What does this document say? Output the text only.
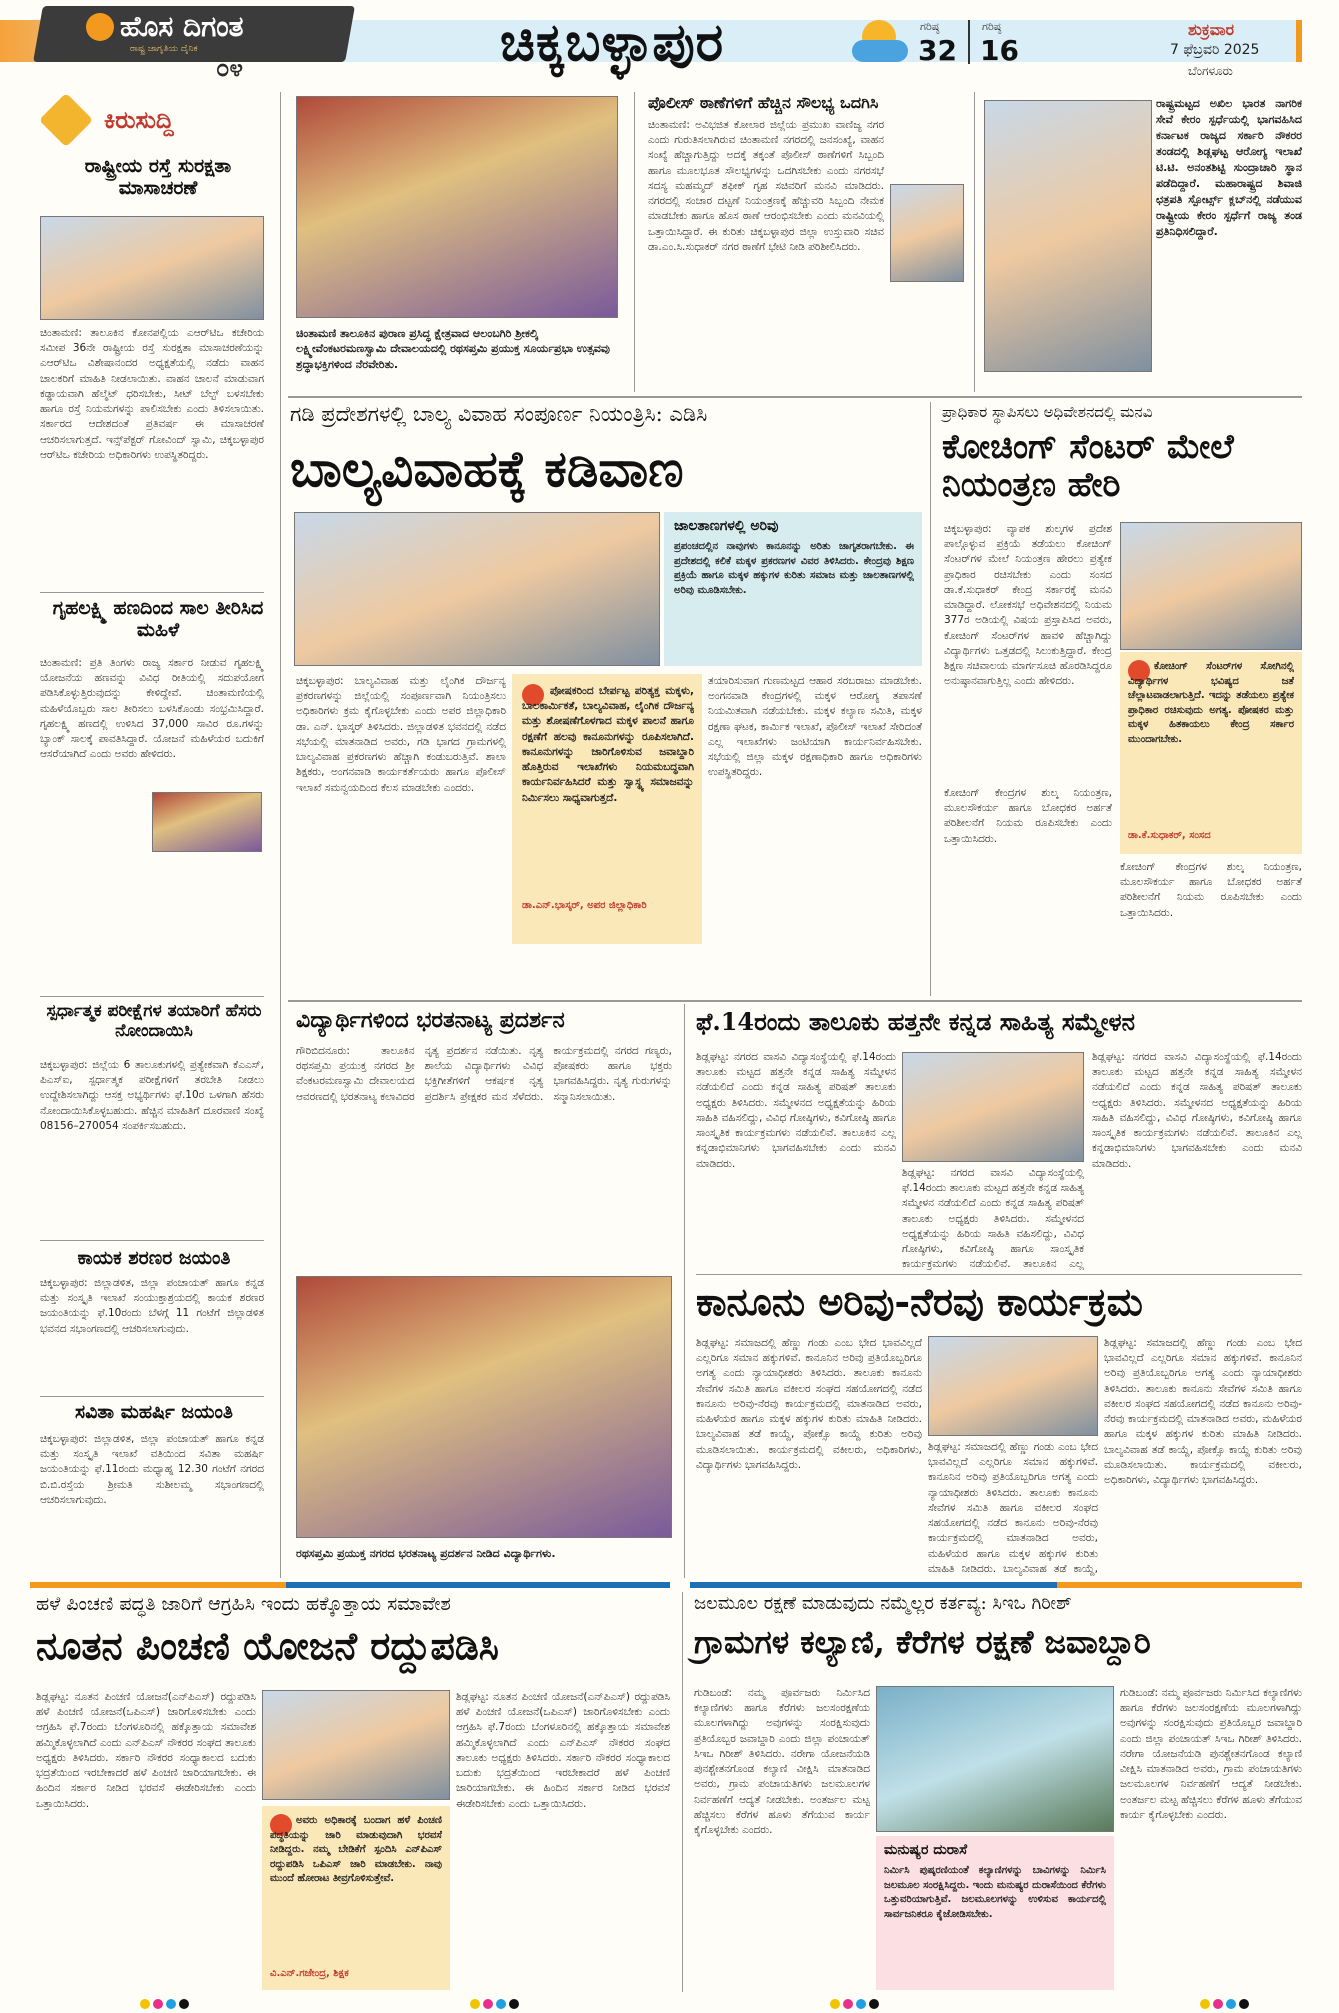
ಹೊಸ ದಿಗಂತ
ರಾಷ್ಟ್ರ ಜಾಗೃತಿಯ ದೈನಿಕ
೦೪	ಚಿಕ್ಕಬಳ್ಳಾಪುರ	ಗರಿಷ್ಠ
32
ಗರಿಷ್ಠ
16
ಶುಕ್ರವಾರ
7 ಫೆಬ್ರವರಿ 2025
ಬೆಂಗಳೂರು
ಕಿರುಸುದ್ದಿ
ರಾಷ್ಟ್ರೀಯ ರಸ್ತೆ ಸುರಕ್ಷತಾ ಮಾಸಾಚರಣೆ
ಚಿಂತಾಮಣಿ: ತಾಲೂಕಿನ ಕೋನಪಲ್ಲಿಯ ಎಆರ್‌ಟಿಒ ಕಚೇರಿಯ ಸಮೀಪ 36ನೇ ರಾಷ್ಟ್ರೀಯ ರಸ್ತೆ ಸುರಕ್ಷತಾ ಮಾಸಾಚರಣೆಯನ್ನು ಎಆರ್‌ಟಿಒ ವಿಶೇಷಾನಂದರ ಅಧ್ಯಕ್ಷತೆಯಲ್ಲಿ ನಡೆದು ವಾಹನ ಚಾಲಕರಿಗೆ ಮಾಹಿತಿ ನೀಡಲಾಯಿತು. ವಾಹನ ಚಾಲನೆ ಮಾಡುವಾಗ ಕಡ್ಡಾಯವಾಗಿ ಹೆಲ್ಮೆಟ್ ಧರಿಸಬೇಕು, ಸೀಟ್ ಬೆಲ್ಟ್ ಬಳಸಬೇಕು ಹಾಗೂ ರಸ್ತೆ ನಿಯಮಗಳನ್ನು ಪಾಲಿಸಬೇಕು ಎಂದು ತಿಳಿಸಲಾಯಿತು. ಸರ್ಕಾರದ ಆದೇಶದಂತೆ ಪ್ರತಿವರ್ಷ ಈ ಮಾಸಾಚರಣೆ ಆಚರಿಸಲಾಗುತ್ತದೆ. ಇನ್ಸ್‌ಪೆಕ್ಟರ್ ಗೋವಿಂದ್ ಸ್ವಾಮಿ, ಚಿಕ್ಕಬಳ್ಳಾಪುರ ಆರ್‌ಟಿಒ ಕಚೇರಿಯ ಅಧಿಕಾರಿಗಳು ಉಪಸ್ಥಿತರಿದ್ದರು.
ಗೃಹಲಕ್ಷ್ಮಿ ಹಣದಿಂದ ಸಾಲ ತೀರಿಸಿದ ಮಹಿಳೆ
ಚಿಂತಾಮಣಿ: ಪ್ರತಿ ತಿಂಗಳು ರಾಜ್ಯ ಸರ್ಕಾರ ನೀಡುವ ಗೃಹಲಕ್ಷ್ಮಿ ಯೋಜನೆಯ ಹಣವನ್ನು ವಿವಿಧ ರೀತಿಯಲ್ಲಿ ಸದುಪಯೋಗ ಪಡಿಸಿಕೊಳ್ಳುತ್ತಿರುವುದನ್ನು ಕೇಳಿದ್ದೇವೆ. ಚಿಂತಾಮಣಿಯಲ್ಲಿ ಮಹಿಳೆಯೊಬ್ಬರು ಸಾಲ ತೀರಿಸಲು ಬಳಸಿಕೊಂಡು ಸಂಭ್ರಮಿಸಿದ್ದಾರೆ. ಗೃಹಲಕ್ಷ್ಮಿ ಹಣದಲ್ಲಿ ಉಳಿಸಿದ 37,000 ಸಾವಿರ ರೂ.ಗಳನ್ನು ಬ್ಯಾಂಕ್ ಸಾಲಕ್ಕೆ ಪಾವತಿಸಿದ್ದಾರೆ. ಯೋಜನೆ ಮಹಿಳೆಯರ ಬದುಕಿಗೆ ಆಸರೆಯಾಗಿದೆ ಎಂದು ಅವರು ಹೇಳಿದರು.
ಸ್ಪರ್ಧಾತ್ಮಕ ಪರೀಕ್ಷೆಗಳ ತಯಾರಿಗೆ ಹೆಸರು ನೋಂದಾಯಿಸಿ
ಚಿಕ್ಕಬಳ್ಳಾಪುರ: ಜಿಲ್ಲೆಯ 6 ತಾಲೂಕುಗಳಲ್ಲಿ ಪ್ರತ್ಯೇಕವಾಗಿ ಕೆಎಎಸ್, ಪಿಎಸ್ಐ, ಸ್ಪರ್ಧಾತ್ಮಕ ಪರೀಕ್ಷೆಗಳಿಗೆ ತರಬೇತಿ ನೀಡಲು ಉದ್ದೇಶಿಸಲಾಗಿದ್ದು ಆಸಕ್ತ ಅಭ್ಯರ್ಥಿಗಳು ಫೆ.10ರ ಒಳಗಾಗಿ ಹೆಸರು ನೋಂದಾಯಿಸಿಕೊಳ್ಳಬಹುದು. ಹೆಚ್ಚಿನ ಮಾಹಿತಿಗೆ ದೂರವಾಣಿ ಸಂಖ್ಯೆ 08156–270054 ಸಂಪರ್ಕಿಸಬಹುದು.
ಕಾಯಕ ಶರಣರ ಜಯಂತಿ
ಚಿಕ್ಕಬಳ್ಳಾಪುರ: ಜಿಲ್ಲಾಡಳಿತ, ಜಿಲ್ಲಾ ಪಂಚಾಯತ್ ಹಾಗೂ ಕನ್ನಡ ಮತ್ತು ಸಂಸ್ಕೃತಿ ಇಲಾಖೆ ಸಂಯುಕ್ತಾಶ್ರಯದಲ್ಲಿ ಕಾಯಕ ಶರಣರ ಜಯಂತಿಯನ್ನು ಫೆ.10ರಂದು ಬೆಳಗ್ಗೆ 11 ಗಂಟೆಗೆ ಜಿಲ್ಲಾಡಳಿತ ಭವನದ ಸಭಾಂಗಣದಲ್ಲಿ ಆಚರಿಸಲಾಗುವುದು.
ಸವಿತಾ ಮಹರ್ಷಿ ಜಯಂತಿ
ಚಿಕ್ಕಬಳ್ಳಾಪುರ: ಜಿಲ್ಲಾಡಳಿತ, ಜಿಲ್ಲಾ ಪಂಚಾಯತ್ ಹಾಗೂ ಕನ್ನಡ ಮತ್ತು ಸಂಸ್ಕೃತಿ ಇಲಾಖೆ ವತಿಯಿಂದ ಸವಿತಾ ಮಹರ್ಷಿ ಜಯಂತಿಯನ್ನು ಫೆ.11ರಂದು ಮಧ್ಯಾಹ್ನ 12.30 ಗಂಟೆಗೆ ನಗರದ ಬಿ.ಬಿ.ರಸ್ತೆಯ ಶ್ರೀಮತಿ ಸುಶೀಲಮ್ಮ ಸಭಾಂಗಣದಲ್ಲಿ ಆಚರಿಸಲಾಗುವುದು.
ಚಿಂತಾಮಣಿ ತಾಲೂಕಿನ ಪುರಾಣ ಪ್ರಸಿದ್ಧ ಕ್ಷೇತ್ರವಾದ ಆಲಂಬಗಿರಿ ಶ್ರೀಕಲ್ಕಿ ಲಕ್ಷ್ಮೀವೆಂಕಟರಮಣಸ್ವಾಮಿ ದೇವಾಲಯದಲ್ಲಿ ರಥಸಪ್ತಮಿ ಪ್ರಯುಕ್ತ ಸೂರ್ಯಪ್ರಭಾ ಉತ್ಸವವು ಶ್ರದ್ಧಾಭಕ್ತಿಗಳಿಂದ ನೆರವೇರಿತು.
ಪೊಲೀಸ್ ಠಾಣೆಗಳಿಗೆ ಹೆಚ್ಚಿನ ಸೌಲಭ್ಯ ಒದಗಿಸಿ
ಚಿಂತಾಮಣಿ: ಅವಿಭಜಿತ ಕೋಲಾರ ಜಿಲ್ಲೆಯ ಪ್ರಮುಖ ವಾಣಿಜ್ಯ ನಗರ ಎಂದು ಗುರುತಿಸಲಾಗಿರುವ ಚಿಂತಾಮಣಿ ನಗರದಲ್ಲಿ ಜನಸಂಖ್ಯೆ, ವಾಹನ ಸಂಖ್ಯೆ ಹೆಚ್ಚಾಗುತ್ತಿದ್ದು ಅದಕ್ಕೆ ತಕ್ಕಂತೆ ಪೊಲೀಸ್ ಠಾಣೆಗಳಿಗೆ ಸಿಬ್ಬಂದಿ ಹಾಗೂ ಮೂಲಭೂತ ಸೌಲಭ್ಯಗಳನ್ನು ಒದಗಿಸಬೇಕು ಎಂದು ನಗರಸಭೆ ಸದಸ್ಯ ಮಹಮ್ಮದ್ ಶಫೀಕ್ ಗೃಹ ಸಚಿವರಿಗೆ ಮನವಿ ಮಾಡಿದರು. ನಗರದಲ್ಲಿ ಸಂಚಾರ ದಟ್ಟಣೆ ನಿಯಂತ್ರಣಕ್ಕೆ ಹೆಚ್ಚುವರಿ ಸಿಬ್ಬಂದಿ ನೇಮಕ ಮಾಡಬೇಕು ಹಾಗೂ ಹೊಸ ಠಾಣೆ ಆರಂಭಿಸಬೇಕು ಎಂದು ಮನವಿಯಲ್ಲಿ ಒತ್ತಾಯಿಸಿದ್ದಾರೆ. ಈ ಕುರಿತು ಚಿಕ್ಕಬಳ್ಳಾಪುರ ಜಿಲ್ಲಾ ಉಸ್ತುವಾರಿ ಸಚಿವ ಡಾ.ಎಂ.ಸಿ.ಸುಧಾಕರ್ ನಗರ ಠಾಣೆಗೆ ಭೇಟಿ ನೀಡಿ ಪರಿಶೀಲಿಸಿದರು.
ರಾಷ್ಟ್ರಮಟ್ಟದ ಅಖಿಲ ಭಾರತ ನಾಗರಿಕ ಸೇವೆ ಕೇರಂ ಸ್ಪರ್ಧೆಯಲ್ಲಿ ಭಾಗವಹಿಸಿದ ಕರ್ನಾಟಕ ರಾಜ್ಯದ ಸರ್ಕಾರಿ ನೌಕರರ ತಂಡದಲ್ಲಿ ಶಿಡ್ಲಘಟ್ಟ ಆರೋಗ್ಯ ಇಲಾಖೆ ಟಿ.ಟಿ. ಅನಂತಶಿಟ್ಟಿ ಸುಂದ್ರಾಚಾರಿ ಸ್ಥಾನ ಪಡೆದಿದ್ದಾರೆ. ಮಹಾರಾಷ್ಟ್ರದ ಶಿವಾಜಿ ಛತ್ರಪತಿ ಸ್ಪೋರ್ಟ್ಸ್ ಕ್ಲಬ್‌ನಲ್ಲಿ ನಡೆಯುವ ರಾಷ್ಟ್ರೀಯ ಕೇರಂ ಸ್ಪರ್ಧೆಗೆ ರಾಜ್ಯ ತಂಡ ಪ್ರತಿನಿಧಿಸಲಿದ್ದಾರೆ.
ಗಡಿ ಪ್ರದೇಶಗಳಲ್ಲಿ ಬಾಲ್ಯ ವಿವಾಹ ಸಂಪೂರ್ಣ ನಿಯಂತ್ರಿಸಿ: ಎಡಿಸಿ
ಬಾಲ್ಯವಿವಾಹಕ್ಕೆ ಕಡಿವಾಣ
ಜಾಲತಾಣಗಳಲ್ಲಿ ಅರಿವು
ಪ್ರಪಂಚದಲ್ಲಿನ ನಾವುಗಳು ಕಾನೂನನ್ನು ಅರಿತು ಜಾಗೃತರಾಗಬೇಕು. ಈ ಪ್ರದೇಶದಲ್ಲಿ ಕಲಿಕೆ ಮಕ್ಕಳ ಪ್ರಕರಣಗಳ ವಿವರ ತಿಳಿಸಿದರು. ಕೇಂದ್ರವು ಶಿಕ್ಷಣ ಪ್ರಕ್ರಿಯೆ ಹಾಗೂ ಮಕ್ಕಳ ಹಕ್ಕುಗಳ ಕುರಿತು ಸಮಾಜ ಮತ್ತು ಜಾಲತಾಣಗಳಲ್ಲಿ ಅರಿವು ಮೂಡಿಸಬೇಕು.
ಚಿಕ್ಕಬಳ್ಳಾಪುರ: ಬಾಲ್ಯವಿವಾಹ ಮತ್ತು ಲೈಂಗಿಕ ದೌರ್ಜನ್ಯ ಪ್ರಕರಣಗಳನ್ನು ಜಿಲ್ಲೆಯಲ್ಲಿ ಸಂಪೂರ್ಣವಾಗಿ ನಿಯಂತ್ರಿಸಲು ಅಧಿಕಾರಿಗಳು ಕ್ರಮ ಕೈಗೊಳ್ಳಬೇಕು ಎಂದು ಅಪರ ಜಿಲ್ಲಾಧಿಕಾರಿ ಡಾ. ಎನ್. ಭಾಸ್ಕರ್ ತಿಳಿಸಿದರು. ಜಿಲ್ಲಾಡಳಿತ ಭವನದಲ್ಲಿ ನಡೆದ ಸಭೆಯಲ್ಲಿ ಮಾತನಾಡಿದ ಅವರು, ಗಡಿ ಭಾಗದ ಗ್ರಾಮಗಳಲ್ಲಿ ಬಾಲ್ಯವಿವಾಹ ಪ್ರಕರಣಗಳು ಹೆಚ್ಚಾಗಿ ಕಂಡುಬರುತ್ತಿವೆ. ಶಾಲಾ ಶಿಕ್ಷಕರು, ಅಂಗನವಾಡಿ ಕಾರ್ಯಕರ್ತೆಯರು ಹಾಗೂ ಪೊಲೀಸ್ ಇಲಾಖೆ ಸಮನ್ವಯದಿಂದ ಕೆಲಸ ಮಾಡಬೇಕು ಎಂದರು.
ಪೋಷಕರಿಂದ ಬೇರ್ಪಟ್ಟ ಪರಿತ್ಯಕ್ತ ಮಕ್ಕಳು, ಬಾಲಕಾರ್ಮಿಕತೆ, ಬಾಲ್ಯವಿವಾಹ, ಲೈಂಗಿಕ ದೌರ್ಜನ್ಯ ಮತ್ತು ಶೋಷಣೆಗೊಳಗಾದ ಮಕ್ಕಳ ಪಾಲನೆ ಹಾಗೂ ರಕ್ಷಣೆಗೆ ಹಲವು ಕಾನೂನುಗಳನ್ನು ರೂಪಿಸಲಾಗಿದೆ. ಕಾನೂನುಗಳನ್ನು ಜಾರಿಗೊಳಿಸುವ ಜವಾಬ್ದಾರಿ ಹೊತ್ತಿರುವ ಇಲಾಖೆಗಳು ನಿಯಮಬದ್ಧವಾಗಿ ಕಾರ್ಯನಿರ್ವಹಿಸಿದರೆ ಮತ್ತು ಸ್ವಾಸ್ಥ್ಯ ಸಮಾಜವನ್ನು ನಿರ್ಮಿಸಲು ಸಾಧ್ಯವಾಗುತ್ತದೆ.
ಡಾ.ಎನ್.ಭಾಸ್ಕರ್, ಅಪರ ಜಿಲ್ಲಾಧಿಕಾರಿ
ತಯಾರಿಸುವಾಗ ಗುಣಮಟ್ಟದ ಆಹಾರ ಸರಬರಾಜು ಮಾಡಬೇಕು. ಅಂಗನವಾಡಿ ಕೇಂದ್ರಗಳಲ್ಲಿ ಮಕ್ಕಳ ಆರೋಗ್ಯ ತಪಾಸಣೆ ನಿಯಮಿತವಾಗಿ ನಡೆಯಬೇಕು. ಮಕ್ಕಳ ಕಲ್ಯಾಣ ಸಮಿತಿ, ಮಕ್ಕಳ ರಕ್ಷಣಾ ಘಟಕ, ಕಾರ್ಮಿಕ ಇಲಾಖೆ, ಪೊಲೀಸ್ ಇಲಾಖೆ ಸೇರಿದಂತೆ ಎಲ್ಲ ಇಲಾಖೆಗಳು ಜಂಟಿಯಾಗಿ ಕಾರ್ಯನಿರ್ವಹಿಸಬೇಕು. ಸಭೆಯಲ್ಲಿ ಜಿಲ್ಲಾ ಮಕ್ಕಳ ರಕ್ಷಣಾಧಿಕಾರಿ ಹಾಗೂ ಅಧಿಕಾರಿಗಳು ಉಪಸ್ಥಿತರಿದ್ದರು.
ಪ್ರಾಧಿಕಾರ ಸ್ಥಾಪಿಸಲು ಅಧಿವೇಶನದಲ್ಲಿ ಮನವಿ
ಕೋಚಿಂಗ್ ಸೆಂಟರ್ ಮೇಲೆ ನಿಯಂತ್ರಣ ಹೇರಿ
ಚಿಕ್ಕಬಳ್ಳಾಪುರ: ವ್ಯಾಪಕ ಶುಲ್ಕಗಳ ಪ್ರದೇಶ ಪಾಲ್ಗೊಳ್ಳುವ ಪ್ರಕ್ರಿಯೆ ತಡೆಯಲು ಕೋಚಿಂಗ್ ಸೆಂಟರ್‌ಗಳ ಮೇಲೆ ನಿಯಂತ್ರಣ ಹೇರಲು ಪ್ರತ್ಯೇಕ ಪ್ರಾಧಿಕಾರ ರಚಿಸಬೇಕು ಎಂದು ಸಂಸದ ಡಾ.ಕೆ.ಸುಧಾಕರ್ ಕೇಂದ್ರ ಸರ್ಕಾರಕ್ಕೆ ಮನವಿ ಮಾಡಿದ್ದಾರೆ. ಲೋಕಸಭೆ ಅಧಿವೇಶನದಲ್ಲಿ ನಿಯಮ 377ರ ಅಡಿಯಲ್ಲಿ ವಿಷಯ ಪ್ರಸ್ತಾಪಿಸಿದ ಅವರು, ಕೋಚಿಂಗ್ ಸೆಂಟರ್‌ಗಳ ಹಾವಳಿ ಹೆಚ್ಚಾಗಿದ್ದು ವಿದ್ಯಾರ್ಥಿಗಳು ಒತ್ತಡದಲ್ಲಿ ಸಿಲುಕುತ್ತಿದ್ದಾರೆ. ಕೇಂದ್ರ ಶಿಕ್ಷಣ ಸಚಿವಾಲಯ ಮಾರ್ಗಸೂಚಿ ಹೊರಡಿಸಿದ್ದರೂ ಅನುಷ್ಠಾನವಾಗುತ್ತಿಲ್ಲ ಎಂದು ಹೇಳಿದರು.
ಕೋಚಿಂಗ್ ಸೆಂಟರ್‌ಗಳ ಸೋಗಿನಲ್ಲಿ ವಿದ್ಯಾರ್ಥಿಗಳ ಭವಿಷ್ಯದ ಜತೆ ಚೆಲ್ಲಾಟವಾಡಲಾಗುತ್ತಿದೆ. ಇದನ್ನು ತಡೆಯಲು ಪ್ರತ್ಯೇಕ ಪ್ರಾಧಿಕಾರ ರಚಿಸುವುದು ಅಗತ್ಯ. ಪೋಷಕರ ಮತ್ತು ಮಕ್ಕಳ ಹಿತಕಾಯಲು ಕೇಂದ್ರ ಸರ್ಕಾರ ಮುಂದಾಗಬೇಕು.
ಡಾ.ಕೆ.ಸುಧಾಕರ್, ಸಂಸದ
ಕೋಚಿಂಗ್ ಕೇಂದ್ರಗಳ ಶುಲ್ಕ ನಿಯಂತ್ರಣ, ಮೂಲಸೌಕರ್ಯ ಹಾಗೂ ಬೋಧಕರ ಅರ್ಹತೆ ಪರಿಶೀಲನೆಗೆ ನಿಯಮ ರೂಪಿಸಬೇಕು ಎಂದು ಒತ್ತಾಯಿಸಿದರು.
ಕೋಚಿಂಗ್ ಕೇಂದ್ರಗಳ ಶುಲ್ಕ ನಿಯಂತ್ರಣ, ಮೂಲಸೌಕರ್ಯ ಹಾಗೂ ಬೋಧಕರ ಅರ್ಹತೆ ಪರಿಶೀಲನೆಗೆ ನಿಯಮ ರೂಪಿಸಬೇಕು ಎಂದು ಒತ್ತಾಯಿಸಿದರು.
ವಿದ್ಯಾರ್ಥಿಗಳಿಂದ ಭರತನಾಟ್ಯ ಪ್ರದರ್ಶನ
ಗೌರಿಬಿದನೂರು: ತಾಲೂಕಿನ ರಥಸಪ್ತಮಿ ಪ್ರಯುಕ್ತ ನಗರದ ಶ್ರೀ ವೆಂಕಟರಮಣಸ್ವಾಮಿ ದೇವಾಲಯದ ಆವರಣದಲ್ಲಿ ಭರತನಾಟ್ಯ ಕಲಾವಿದರ ನೃತ್ಯ ಪ್ರದರ್ಶನ ನಡೆಯಿತು. ನೃತ್ಯ ಶಾಲೆಯ ವಿದ್ಯಾರ್ಥಿಗಳು ವಿವಿಧ ಭಕ್ತಿಗೀತೆಗಳಿಗೆ ಆಕರ್ಷಕ ನೃತ್ಯ ಪ್ರದರ್ಶಿಸಿ ಪ್ರೇಕ್ಷಕರ ಮನ ಸೆಳೆದರು. ಕಾರ್ಯಕ್ರಮದಲ್ಲಿ ನಗರದ ಗಣ್ಯರು, ಪೋಷಕರು ಹಾಗೂ ಭಕ್ತರು ಭಾಗವಹಿಸಿದ್ದರು. ನೃತ್ಯ ಗುರುಗಳನ್ನು ಸನ್ಮಾನಿಸಲಾಯಿತು.
ರಥಸಪ್ತಮಿ ಪ್ರಯುಕ್ತ ನಗರದ ಭರತನಾಟ್ಯ ಪ್ರದರ್ಶನ ನೀಡಿದ ವಿದ್ಯಾರ್ಥಿಗಳು.
ಫೆ.14ರಂದು ತಾಲೂಕು ಹತ್ತನೇ ಕನ್ನಡ ಸಾಹಿತ್ಯ ಸಮ್ಮೇಳನ
ಶಿಡ್ಲಘಟ್ಟ: ನಗರದ ವಾಸವಿ ವಿದ್ಯಾಸಂಸ್ಥೆಯಲ್ಲಿ ಫೆ.14ರಂದು ತಾಲೂಕು ಮಟ್ಟದ ಹತ್ತನೇ ಕನ್ನಡ ಸಾಹಿತ್ಯ ಸಮ್ಮೇಳನ ನಡೆಯಲಿದೆ ಎಂದು ಕನ್ನಡ ಸಾಹಿತ್ಯ ಪರಿಷತ್ ತಾಲೂಕು ಅಧ್ಯಕ್ಷರು ತಿಳಿಸಿದರು. ಸಮ್ಮೇಳನದ ಅಧ್ಯಕ್ಷತೆಯನ್ನು ಹಿರಿಯ ಸಾಹಿತಿ ವಹಿಸಲಿದ್ದು, ವಿವಿಧ ಗೋಷ್ಠಿಗಳು, ಕವಿಗೋಷ್ಠಿ ಹಾಗೂ ಸಾಂಸ್ಕೃತಿಕ ಕಾರ್ಯಕ್ರಮಗಳು ನಡೆಯಲಿವೆ. ತಾಲೂಕಿನ ಎಲ್ಲ ಕನ್ನಡಾಭಿಮಾನಿಗಳು ಭಾಗವಹಿಸಬೇಕು ಎಂದು ಮನವಿ ಮಾಡಿದರು.
ಶಿಡ್ಲಘಟ್ಟ: ನಗರದ ವಾಸವಿ ವಿದ್ಯಾಸಂಸ್ಥೆಯಲ್ಲಿ ಫೆ.14ರಂದು ತಾಲೂಕು ಮಟ್ಟದ ಹತ್ತನೇ ಕನ್ನಡ ಸಾಹಿತ್ಯ ಸಮ್ಮೇಳನ ನಡೆಯಲಿದೆ ಎಂದು ಕನ್ನಡ ಸಾಹಿತ್ಯ ಪರಿಷತ್ ತಾಲೂಕು ಅಧ್ಯಕ್ಷರು ತಿಳಿಸಿದರು. ಸಮ್ಮೇಳನದ ಅಧ್ಯಕ್ಷತೆಯನ್ನು ಹಿರಿಯ ಸಾಹಿತಿ ವಹಿಸಲಿದ್ದು, ವಿವಿಧ ಗೋಷ್ಠಿಗಳು, ಕವಿಗೋಷ್ಠಿ ಹಾಗೂ ಸಾಂಸ್ಕೃತಿಕ ಕಾರ್ಯಕ್ರಮಗಳು ನಡೆಯಲಿವೆ. ತಾಲೂಕಿನ ಎಲ್ಲ
ಶಿಡ್ಲಘಟ್ಟ: ನಗರದ ವಾಸವಿ ವಿದ್ಯಾಸಂಸ್ಥೆಯಲ್ಲಿ ಫೆ.14ರಂದು ತಾಲೂಕು ಮಟ್ಟದ ಹತ್ತನೇ ಕನ್ನಡ ಸಾಹಿತ್ಯ ಸಮ್ಮೇಳನ ನಡೆಯಲಿದೆ ಎಂದು ಕನ್ನಡ ಸಾಹಿತ್ಯ ಪರಿಷತ್ ತಾಲೂಕು ಅಧ್ಯಕ್ಷರು ತಿಳಿಸಿದರು. ಸಮ್ಮೇಳನದ ಅಧ್ಯಕ್ಷತೆಯನ್ನು ಹಿರಿಯ ಸಾಹಿತಿ ವಹಿಸಲಿದ್ದು, ವಿವಿಧ ಗೋಷ್ಠಿಗಳು, ಕವಿಗೋಷ್ಠಿ ಹಾಗೂ ಸಾಂಸ್ಕೃತಿಕ ಕಾರ್ಯಕ್ರಮಗಳು ನಡೆಯಲಿವೆ. ತಾಲೂಕಿನ ಎಲ್ಲ ಕನ್ನಡಾಭಿಮಾನಿಗಳು ಭಾಗವಹಿಸಬೇಕು ಎಂದು ಮನವಿ ಮಾಡಿದರು.
ಕಾನೂನು ಅರಿವು-ನೆರವು ಕಾರ್ಯಕ್ರಮ
ಶಿಡ್ಲಘಟ್ಟ: ಸಮಾಜದಲ್ಲಿ ಹೆಣ್ಣು ಗಂಡು ಎಂಬ ಭೇದ ಭಾವವಿಲ್ಲದೆ ಎಲ್ಲರಿಗೂ ಸಮಾನ ಹಕ್ಕುಗಳಿವೆ. ಕಾನೂನಿನ ಅರಿವು ಪ್ರತಿಯೊಬ್ಬರಿಗೂ ಅಗತ್ಯ ಎಂದು ನ್ಯಾಯಾಧೀಶರು ತಿಳಿಸಿದರು. ತಾಲೂಕು ಕಾನೂನು ಸೇವೆಗಳ ಸಮಿತಿ ಹಾಗೂ ವಕೀಲರ ಸಂಘದ ಸಹಯೋಗದಲ್ಲಿ ನಡೆದ ಕಾನೂನು ಅರಿವು-ನೆರವು ಕಾರ್ಯಕ್ರಮದಲ್ಲಿ ಮಾತನಾಡಿದ ಅವರು, ಮಹಿಳೆಯರ ಹಾಗೂ ಮಕ್ಕಳ ಹಕ್ಕುಗಳ ಕುರಿತು ಮಾಹಿತಿ ನೀಡಿದರು. ಬಾಲ್ಯವಿವಾಹ ತಡೆ ಕಾಯ್ದೆ, ಪೋಕ್ಸೊ ಕಾಯ್ದೆ ಕುರಿತು ಅರಿವು ಮೂಡಿಸಲಾಯಿತು. ಕಾರ್ಯಕ್ರಮದಲ್ಲಿ ವಕೀಲರು, ಅಧಿಕಾರಿಗಳು, ವಿದ್ಯಾರ್ಥಿಗಳು ಭಾಗವಹಿಸಿದ್ದರು.
ಶಿಡ್ಲಘಟ್ಟ: ಸಮಾಜದಲ್ಲಿ ಹೆಣ್ಣು ಗಂಡು ಎಂಬ ಭೇದ ಭಾವವಿಲ್ಲದೆ ಎಲ್ಲರಿಗೂ ಸಮಾನ ಹಕ್ಕುಗಳಿವೆ. ಕಾನೂನಿನ ಅರಿವು ಪ್ರತಿಯೊಬ್ಬರಿಗೂ ಅಗತ್ಯ ಎಂದು ನ್ಯಾಯಾಧೀಶರು ತಿಳಿಸಿದರು. ತಾಲೂಕು ಕಾನೂನು ಸೇವೆಗಳ ಸಮಿತಿ ಹಾಗೂ ವಕೀಲರ ಸಂಘದ ಸಹಯೋಗದಲ್ಲಿ ನಡೆದ ಕಾನೂನು ಅರಿವು-ನೆರವು ಕಾರ್ಯಕ್ರಮದಲ್ಲಿ ಮಾತನಾಡಿದ ಅವರು, ಮಹಿಳೆಯರ ಹಾಗೂ ಮಕ್ಕಳ ಹಕ್ಕುಗಳ ಕುರಿತು ಮಾಹಿತಿ ನೀಡಿದರು. ಬಾಲ್ಯವಿವಾಹ ತಡೆ ಕಾಯ್ದೆ,
ಶಿಡ್ಲಘಟ್ಟ: ಸಮಾಜದಲ್ಲಿ ಹೆಣ್ಣು ಗಂಡು ಎಂಬ ಭೇದ ಭಾವವಿಲ್ಲದೆ ಎಲ್ಲರಿಗೂ ಸಮಾನ ಹಕ್ಕುಗಳಿವೆ. ಕಾನೂನಿನ ಅರಿವು ಪ್ರತಿಯೊಬ್ಬರಿಗೂ ಅಗತ್ಯ ಎಂದು ನ್ಯಾಯಾಧೀಶರು ತಿಳಿಸಿದರು. ತಾಲೂಕು ಕಾನೂನು ಸೇವೆಗಳ ಸಮಿತಿ ಹಾಗೂ ವಕೀಲರ ಸಂಘದ ಸಹಯೋಗದಲ್ಲಿ ನಡೆದ ಕಾನೂನು ಅರಿವು-ನೆರವು ಕಾರ್ಯಕ್ರಮದಲ್ಲಿ ಮಾತನಾಡಿದ ಅವರು, ಮಹಿಳೆಯರ ಹಾಗೂ ಮಕ್ಕಳ ಹಕ್ಕುಗಳ ಕುರಿತು ಮಾಹಿತಿ ನೀಡಿದರು. ಬಾಲ್ಯವಿವಾಹ ತಡೆ ಕಾಯ್ದೆ, ಪೋಕ್ಸೊ ಕಾಯ್ದೆ ಕುರಿತು ಅರಿವು ಮೂಡಿಸಲಾಯಿತು. ಕಾರ್ಯಕ್ರಮದಲ್ಲಿ ವಕೀಲರು, ಅಧಿಕಾರಿಗಳು, ವಿದ್ಯಾರ್ಥಿಗಳು ಭಾಗವಹಿಸಿದ್ದರು.
ಹಳೆ ಪಿಂಚಣಿ ಪದ್ಧತಿ ಜಾರಿಗೆ ಆಗ್ರಹಿಸಿ ಇಂದು ಹಕ್ಕೊತ್ತಾಯ ಸಮಾವೇಶ
ನೂತನ ಪಿಂಚಣಿ ಯೋಜನೆ ರದ್ದುಪಡಿಸಿ
ಶಿಡ್ಲಘಟ್ಟ: ನೂತನ ಪಿಂಚಣಿ ಯೋಜನೆ(ಎನ್‌ಪಿಎಸ್) ರದ್ದುಪಡಿಸಿ ಹಳೆ ಪಿಂಚಣಿ ಯೋಜನೆ(ಒಪಿಎಸ್) ಜಾರಿಗೊಳಿಸಬೇಕು ಎಂದು ಆಗ್ರಹಿಸಿ ಫೆ.7ರಂದು ಬೆಂಗಳೂರಿನಲ್ಲಿ ಹಕ್ಕೊತ್ತಾಯ ಸಮಾವೇಶ ಹಮ್ಮಿಕೊಳ್ಳಲಾಗಿದೆ ಎಂದು ಎನ್‌ಪಿಎಸ್ ನೌಕರರ ಸಂಘದ ತಾಲೂಕು ಅಧ್ಯಕ್ಷರು ತಿಳಿಸಿದರು. ಸರ್ಕಾರಿ ನೌಕರರ ಸಂಧ್ಯಾಕಾಲದ ಬದುಕು ಭದ್ರತೆಯಿಂದ ಇರಬೇಕಾದರೆ ಹಳೆ ಪಿಂಚಣಿ ಜಾರಿಯಾಗಬೇಕು. ಈ ಹಿಂದಿನ ಸರ್ಕಾರ ನೀಡಿದ ಭರವಸೆ ಈಡೇರಿಸಬೇಕು ಎಂದು ಒತ್ತಾಯಿಸಿದರು.
ಅವರು ಅಧಿಕಾರಕ್ಕೆ ಬಂದಾಗ ಹಳೆ ಪಿಂಚಣಿ ಪದ್ಧತಿಯನ್ನು ಜಾರಿ ಮಾಡುವುದಾಗಿ ಭರವಸೆ ನೀಡಿದ್ದರು. ನಮ್ಮ ಬೇಡಿಕೆಗೆ ಸ್ಪಂದಿಸಿ ಎನ್‌ಪಿಎಸ್ ರದ್ದುಪಡಿಸಿ ಒಪಿಎಸ್ ಜಾರಿ ಮಾಡಬೇಕು. ನಾವು ಮುಂದೆ ಹೋರಾಟ ತೀವ್ರಗೊಳಿಸುತ್ತೇವೆ.
ವಿ.ಎನ್.ಗಜೇಂದ್ರ, ಶಿಕ್ಷಕ
ಶಿಡ್ಲಘಟ್ಟ: ನೂತನ ಪಿಂಚಣಿ ಯೋಜನೆ(ಎನ್‌ಪಿಎಸ್) ರದ್ದುಪಡಿಸಿ ಹಳೆ ಪಿಂಚಣಿ ಯೋಜನೆ(ಒಪಿಎಸ್) ಜಾರಿಗೊಳಿಸಬೇಕು ಎಂದು ಆಗ್ರಹಿಸಿ ಫೆ.7ರಂದು ಬೆಂಗಳೂರಿನಲ್ಲಿ ಹಕ್ಕೊತ್ತಾಯ ಸಮಾವೇಶ ಹಮ್ಮಿಕೊಳ್ಳಲಾಗಿದೆ ಎಂದು ಎನ್‌ಪಿಎಸ್ ನೌಕರರ ಸಂಘದ ತಾಲೂಕು ಅಧ್ಯಕ್ಷರು ತಿಳಿಸಿದರು. ಸರ್ಕಾರಿ ನೌಕರರ ಸಂಧ್ಯಾಕಾಲದ ಬದುಕು ಭದ್ರತೆಯಿಂದ ಇರಬೇಕಾದರೆ ಹಳೆ ಪಿಂಚಣಿ ಜಾರಿಯಾಗಬೇಕು. ಈ ಹಿಂದಿನ ಸರ್ಕಾರ ನೀಡಿದ ಭರವಸೆ ಈಡೇರಿಸಬೇಕು ಎಂದು ಒತ್ತಾಯಿಸಿದರು.
ಜಲಮೂಲ ರಕ್ಷಣೆ ಮಾಡುವುದು ನಮ್ಮೆಲ್ಲರ ಕರ್ತವ್ಯ: ಸಿಇಒ ಗಿರೀಶ್
ಗ್ರಾಮಗಳ ಕಲ್ಯಾಣಿ, ಕೆರೆಗಳ ರಕ್ಷಣೆ ಜವಾಬ್ದಾರಿ
ಗುಡಿಬಂಡೆ: ನಮ್ಮ ಪೂರ್ವಜರು ನಿರ್ಮಿಸಿದ ಕಲ್ಯಾಣಿಗಳು ಹಾಗೂ ಕೆರೆಗಳು ಜಲಸಂರಕ್ಷಣೆಯ ಮೂಲಗಳಾಗಿದ್ದು ಅವುಗಳನ್ನು ಸಂರಕ್ಷಿಸುವುದು ಪ್ರತಿಯೊಬ್ಬರ ಜವಾಬ್ದಾರಿ ಎಂದು ಜಿಲ್ಲಾ ಪಂಚಾಯತ್ ಸಿಇಒ ಗಿರೀಶ್ ತಿಳಿಸಿದರು. ನರೇಗಾ ಯೋಜನೆಯಡಿ ಪುನಶ್ಚೇತನಗೊಂಡ ಕಲ್ಯಾಣಿ ವೀಕ್ಷಿಸಿ ಮಾತನಾಡಿದ ಅವರು, ಗ್ರಾಮ ಪಂಚಾಯತಿಗಳು ಜಲಮೂಲಗಳ ನಿರ್ವಹಣೆಗೆ ಆದ್ಯತೆ ನೀಡಬೇಕು. ಅಂತರ್ಜಲ ಮಟ್ಟ ಹೆಚ್ಚಿಸಲು ಕೆರೆಗಳ ಹೂಳು ತೆಗೆಯುವ ಕಾರ್ಯ ಕೈಗೊಳ್ಳಬೇಕು ಎಂದರು.
ಮನುಷ್ಯರ ದುರಾಸೆ
ನಿರ್ಮಿಸಿ ಪುಷ್ಕರಣಿಯಂತೆ ಕಲ್ಯಾಣಿಗಳನ್ನು ಬಾವಿಗಳನ್ನು ನಿರ್ಮಿಸಿ ಜಲಮೂಲ ಸಂರಕ್ಷಿಸಿದ್ದರು. ಇಂದು ಮನುಷ್ಯರ ದುರಾಸೆಯಿಂದ ಕೆರೆಗಳು ಒತ್ತುವರಿಯಾಗುತ್ತಿವೆ. ಜಲಮೂಲಗಳನ್ನು ಉಳಿಸುವ ಕಾರ್ಯದಲ್ಲಿ ಸಾರ್ವಜನಿಕರೂ ಕೈಜೋಡಿಸಬೇಕು.
ಗುಡಿಬಂಡೆ: ನಮ್ಮ ಪೂರ್ವಜರು ನಿರ್ಮಿಸಿದ ಕಲ್ಯಾಣಿಗಳು ಹಾಗೂ ಕೆರೆಗಳು ಜಲಸಂರಕ್ಷಣೆಯ ಮೂಲಗಳಾಗಿದ್ದು ಅವುಗಳನ್ನು ಸಂರಕ್ಷಿಸುವುದು ಪ್ರತಿಯೊಬ್ಬರ ಜವಾಬ್ದಾರಿ ಎಂದು ಜಿಲ್ಲಾ ಪಂಚಾಯತ್ ಸಿಇಒ ಗಿರೀಶ್ ತಿಳಿಸಿದರು. ನರೇಗಾ ಯೋಜನೆಯಡಿ ಪುನಶ್ಚೇತನಗೊಂಡ ಕಲ್ಯಾಣಿ ವೀಕ್ಷಿಸಿ ಮಾತನಾಡಿದ ಅವರು, ಗ್ರಾಮ ಪಂಚಾಯತಿಗಳು ಜಲಮೂಲಗಳ ನಿರ್ವಹಣೆಗೆ ಆದ್ಯತೆ ನೀಡಬೇಕು. ಅಂತರ್ಜಲ ಮಟ್ಟ ಹೆಚ್ಚಿಸಲು ಕೆರೆಗಳ ಹೂಳು ತೆಗೆಯುವ ಕಾರ್ಯ ಕೈಗೊಳ್ಳಬೇಕು ಎಂದರು.
